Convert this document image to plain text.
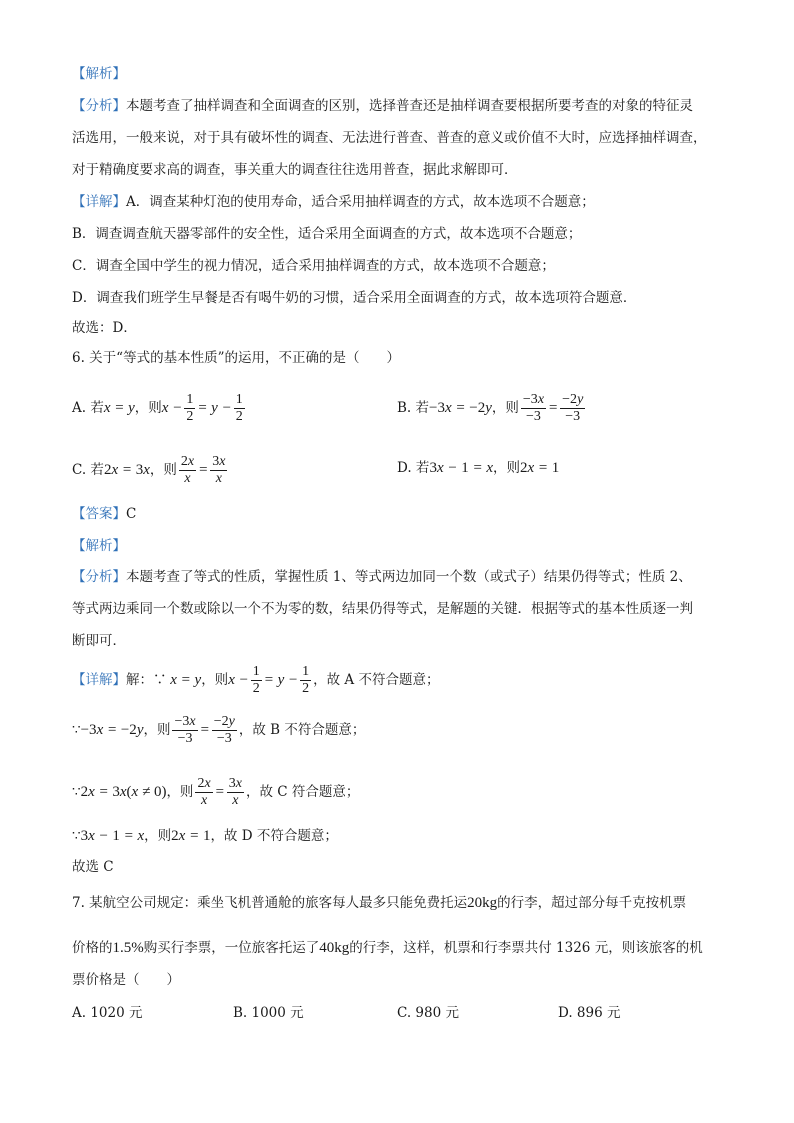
【解析】
【分析】本题考查了抽样调查和全面调查的区别，选择普查还是抽样调查要根据所要考查的对象的特征灵
活选用，一般来说，对于具有破坏性的调查、无法进行普查、普查的意义或价值不大时，应选择抽样调查，
对于精确度要求高的调查，事关重大的调查往往选用普查，据此求解即可．
【详解】A．调查某种灯泡的使用寿命，适合采用抽样调查的方式，故本选项不合题意；
B．调查调查航天器零部件的安全性，适合采用全面调查的方式，故本选项不合题意；
C．调查全国中学生的视力情况，适合采用抽样调查的方式，故本选项不合题意；
D．调查我们班学生早餐是否有喝牛奶的习惯，适合采用全面调查的方式，故本选项符合题意．
故选：D．
6. 关于“等式的基本性质”的运用，不正确的是（　　）
A. 若x = y，则$x - \frac{1}{2} = y - \frac{1}{2}$	B. 若−3x = −2y，则 $\frac{-3x}{-3} = \frac{-2y}{-3}$
C. 若2x = 3x，则 $\frac{2x}{x} = \frac{3x}{x}$	D. 若3x − 1 = x，则2x = 1
【答案】C
【解析】
【分析】本题考查了等式的性质，掌握性质 1、等式两边加同一个数（或式子）结果仍得等式；性质 2、
等式两边乘同一个数或除以一个不为零的数，结果仍得等式，是解题的关键．根据等式的基本性质逐一判
断即可．
【详解】解：∵ x = y，则$x - \frac{1}{2} = y - \frac{1}{2}$ ，故 A 不符合题意；
∵−3x = −2y，则 $\frac{-3x}{-3} = \frac{-2y}{-3}$ ，故 B 不符合题意；
∵2x = 3x(x ≠ 0)，则 $\frac{2x}{x} = \frac{3x}{x}$ ，故 C 符合题意；
∵3x − 1 = x，则2x = 1，故 D 不符合题意；
故选 C
7. 某航空公司规定：乘坐飞机普通舱的旅客每人最多只能免费托运20kg的行李，超过部分每千克按机票
价格的1.5%购买行李票，一位旅客托运了40kg的行李，这样，机票和行李票共付 1326 元，则该旅客的机
票价格是（　　）
A. 1020 元	B. 1000 元	C. 980 元	D. 896 元
